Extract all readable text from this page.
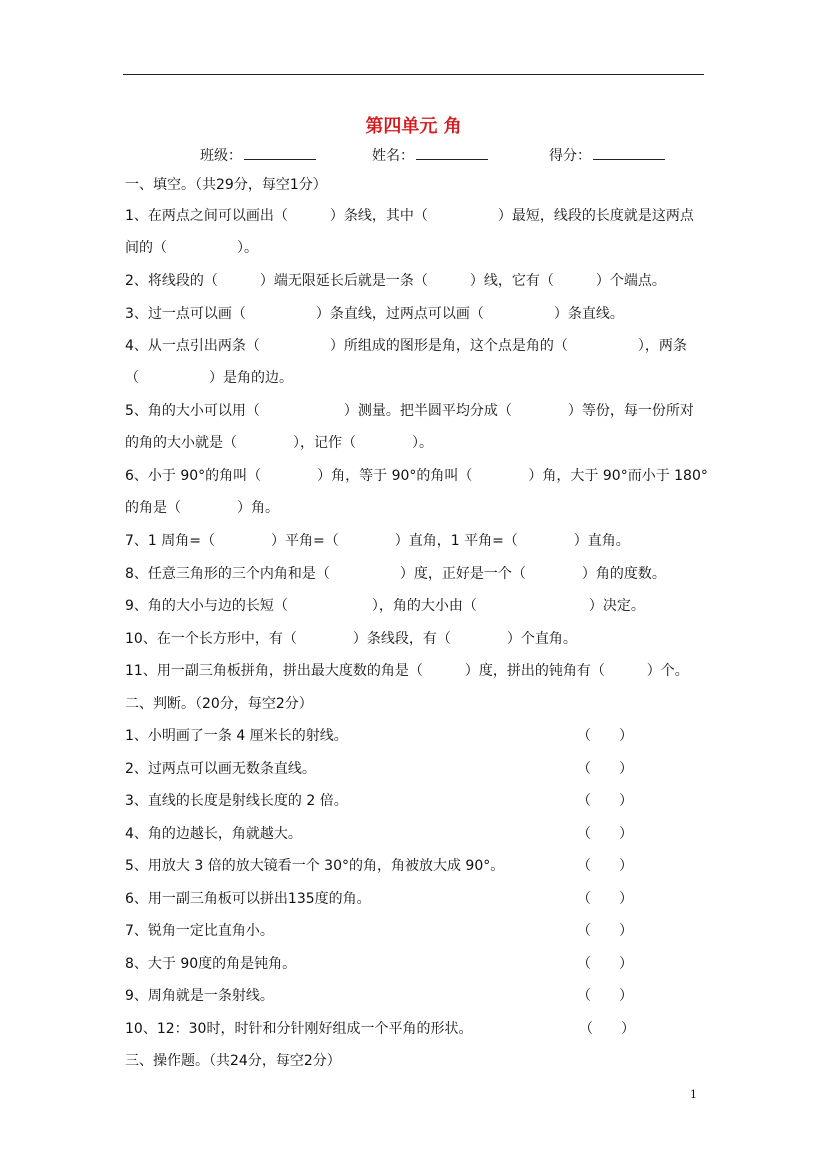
第四单元 角
班级：	姓名：	得分：
一、填空。（共29分，每空1分）
1、在两点之间可以画出（　　　）条线，其中（　　　　　）最短，线段的长度就是这两点
间的（　　　　　）。
2、将线段的（　　　）端无限延长后就是一条（　　　）线，它有（　　　）个端点。
3、过一点可以画（　　　　　）条直线，过两点可以画（　　　　　）条直线。
4、从一点引出两条（　　　　　）所组成的图形是角，这个点是角的（　　　　　），两条
（　　　　　）是角的边。
5、角的大小可以用（　　　　　　）测量。把半圆平均分成（　　　　）等份，每一份所对
的角的大小就是（　　　　），记作（　　　　）。
6、小于 90°的角叫（　　　　）角，等于 90°的角叫（　　　　）角，大于 90°而小于 180°
的角是（　　　　）角。
7、1 周角=（　　　　）平角=（　　　　）直角，1 平角=（　　　　）直角。
8、任意三角形的三个内角和是（　　　　　）度，正好是一个（　　　　）角的度数。
9、角的大小与边的长短（　　　　　　），角的大小由（　　　　　　　　）决定。
10、在一个长方形中，有（　　　　）条线段，有（　　　　）个直角。
11、用一副三角板拼角，拼出最大度数的角是（　　　）度，拼出的钝角有（　　　）个。
二、判断。（20分，每空2分）
1、小明画了一条 4 厘米长的射线。	（　　）
2、过两点可以画无数条直线。	（　　）
3、直线的长度是射线长度的 2 倍。	（　　）
4、角的边越长，角就越大。	（　　）
5、用放大 3 倍的放大镜看一个 30°的角，角被放大成 90°。	（　　）
6、用一副三角板可以拼出135度的角。	（　　）
7、锐角一定比直角小。	（　　）
8、大于 90度的角是钝角。	（　　）
9、周角就是一条射线。	（　　）
10、12：30时，时针和分针刚好组成一个平角的形状。	（　　）
三、操作题。（共24分，每空2分）
1
